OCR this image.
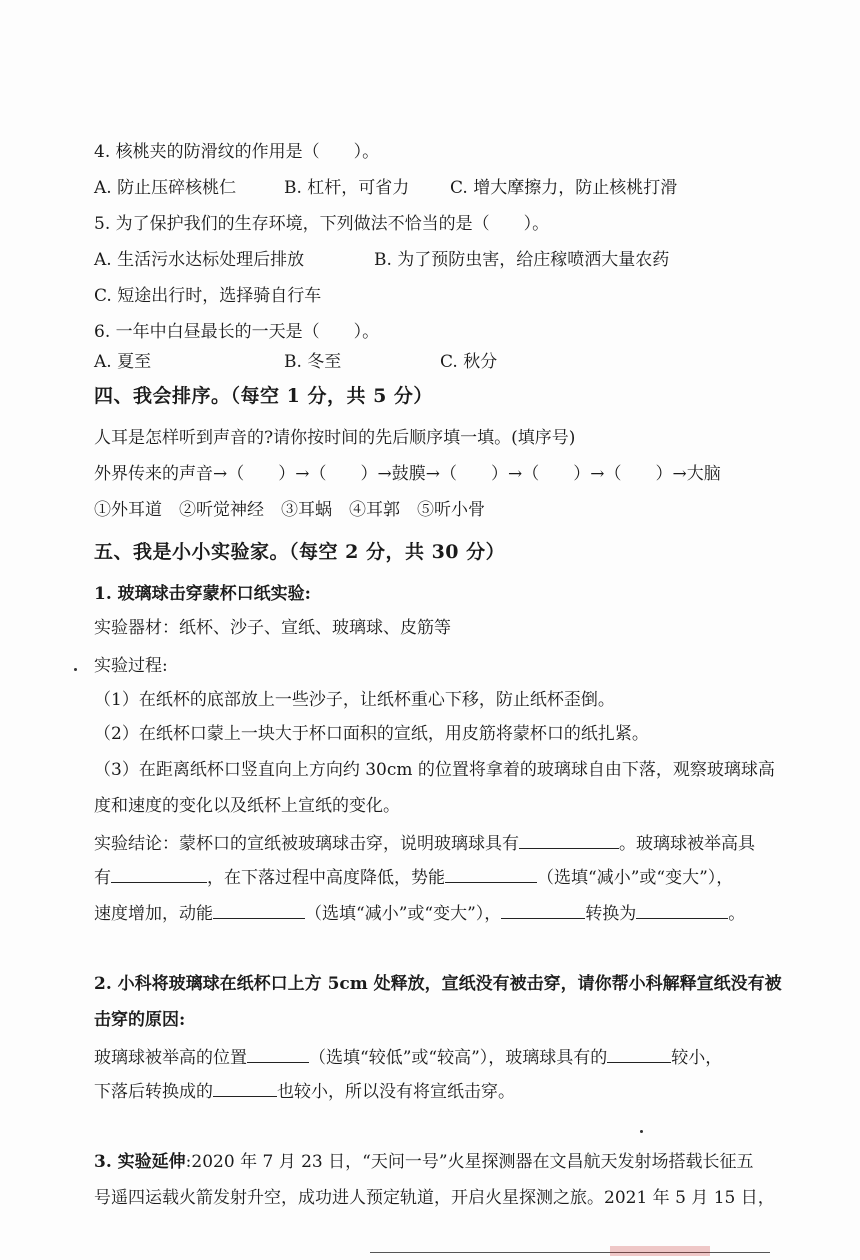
4. 核桃夹的防滑纹的作用是（　　）。
A. 防止压碎核桃仁	B. 杠杆，可省力 C. 增大摩擦力，防止核桃打滑
5. 为了保护我们的生存环境，下列做法不恰当的是（　　）。
A. 生活污水达标处理后排放	B. 为了预防虫害，给庄稼喷洒大量农药
C. 短途出行时，选择骑自行车
6. 一年中白昼最长的一天是（　　）。
A. 夏至	B. 冬至	C. 秋分
四、我会排序。（每空 1 分，共 5 分）
人耳是怎样听到声音的?请你按时间的先后顺序填一填。(填序号)
外界传来的声音→（　　）→（　　）→鼓膜→（　　）→（　　）→（　　）→大脑
①外耳道　②听觉神经　③耳蜗　④耳郭　⑤听小骨
五、我是小小实验家。（每空 2 分，共 30 分）
1. 玻璃球击穿蒙杯口纸实验:
实验器材：纸杯、沙子、宣纸、玻璃球、皮筋等
实验过程:
（1）在纸杯的底部放上一些沙子，让纸杯重心下移，防止纸杯歪倒。
（2）在纸杯口蒙上一块大于杯口面积的宣纸，用皮筋将蒙杯口的纸扎紧。
（3）在距离纸杯口竖直向上方向约 30cm 的位置将拿着的玻璃球自由下落，观察玻璃球高
度和速度的变化以及纸杯上宣纸的变化。
实验结论：蒙杯口的宣纸被玻璃球击穿，说明玻璃球具有	。玻璃球被举高具
有	，在下落过程中高度降低，势能	（选填“减小”或“变大”），
速度增加，动能	（选填“减小”或“变大”），	转换为	。
2. 小科将玻璃球在纸杯口上方 5cm 处释放，宣纸没有被击穿，请你帮小科解释宣纸没有被
击穿的原因:
玻璃球被举高的位置	（选填“较低”或“较高”），玻璃球具有的	较小，
下落后转换成的	也较小，所以没有将宣纸击穿。
3. 实验延伸:2020 年 7 月 23 日，“天问一号”火星探测器在文昌航天发射场搭载长征五
号遥四运载火箭发射升空，成功进人预定轨道，开启火星探测之旅。2021 年 5 月 15 日，
